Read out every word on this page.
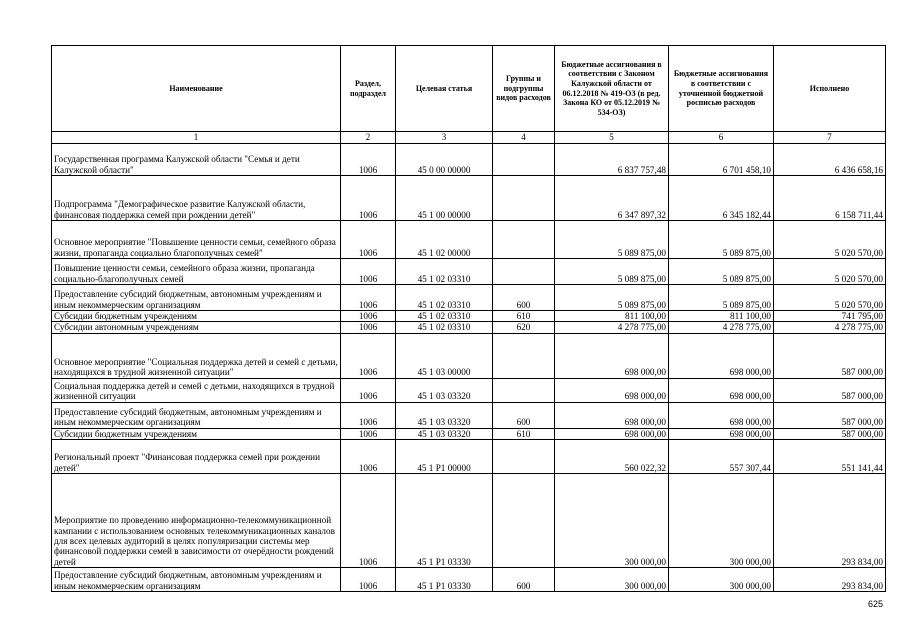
Наименование	Раздел, подраздел	Целевая статья	Группы и подгруппы видов расходов	Бюджетные ассигнования в соответствии с Законом Калужской области от 06.12.2018 № 419-ОЗ (в ред. Закона КО от 05.12.2019 № 534-ОЗ)	Бюджетные ассигнования в соответствии с уточненной бюджетной росписью расходов	Исполнено
1	2	3	4	5	6	7
Государственная программа Калужской области "Семья и дети Калужской области"	1006	45 0 00 00000		6 837 757,48	6 701 458,10	6 436 658,16
Подпрограмма "Демографическое развитие Калужской области, финансовая поддержка семей при рождении детей"	1006	45 1 00 00000		6 347 897,32	6 345 182,44	6 158 711,44
Основное мероприятие "Повышение ценности семьи, семейного образа жизни, пропаганда социально благополучных семей"	1006	45 1 02 00000		5 089 875,00	5 089 875,00	5 020 570,00
Повышение ценности семьи, семейного образа жизни, пропаганда социально-благополучных семей	1006	45 1 02 03310		5 089 875,00	5 089 875,00	5 020 570,00
Предоставление субсидий бюджетным, автономным учреждениям и иным некоммерческим организациям	1006	45 1 02 03310	600	5 089 875,00	5 089 875,00	5 020 570,00
Субсидии бюджетным учреждениям	1006	45 1 02 03310	610	811 100,00	811 100,00	741 795,00
Субсидии автономным учреждениям	1006	45 1 02 03310	620	4 278 775,00	4 278 775,00	4 278 775,00
Основное мероприятие "Социальная поддержка детей и семей с детьми, находящихся в трудной жизненной ситуации"	1006	45 1 03 00000		698 000,00	698 000,00	587 000,00
Социальная поддержка детей и семей с детьми, находящихся в трудной жизненной ситуации	1006	45 1 03 03320		698 000,00	698 000,00	587 000,00
Предоставление субсидий бюджетным, автономным учреждениям и иным некоммерческим организациям	1006	45 1 03 03320	600	698 000,00	698 000,00	587 000,00
Субсидии бюджетным учреждениям	1006	45 1 03 03320	610	698 000,00	698 000,00	587 000,00
Региональный проект "Финансовая поддержка семей при рождении детей"	1006	45 1 P1 00000		560 022,32	557 307,44	551 141,44
Мероприятие по проведению информационно-телекоммуникационной кампании с использованием основных телекоммуникационных каналов для всех целевых аудиторий в целях популяризации системы мер финансовой поддержки семей в зависимости от очерёдности рождений детей	1006	45 1 P1 03330		300 000,00	300 000,00	293 834,00
Предоставление субсидий бюджетным, автономным учреждениям и иным некоммерческим организациям	1006	45 1 P1 03330	600	300 000,00	300 000,00	293 834,00
625
